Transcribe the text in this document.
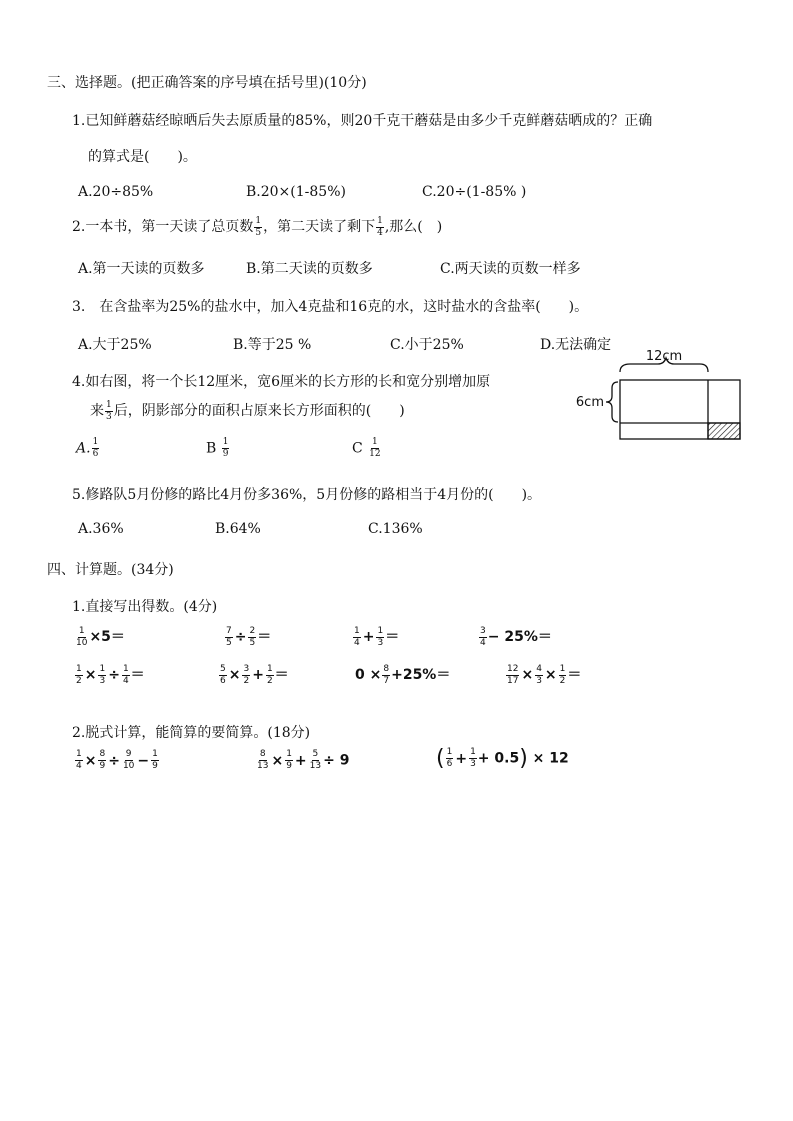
三、选择题。(把正确答案的序号填在括号里)(10分)
1.已知鲜蘑菇经晾晒后失去原质量的85%，则20千克干蘑菇是由多少千克鲜蘑菇晒成的？正确
的算式是(　　)。
A.20÷85%	B.20×(1-85%)	C.20÷(1-85% )
2.一本书，第一天读了总页数 $\frac{1}{5}$ ，第二天读了剩下 $\frac{1}{4}$ ,那么(　)
A.第一天读的页数多	B.第二天读的页数多	C.两天读的页数一样多
3.　在含盐率为25%的盐水中，加入4克盐和16克的水，这时盐水的含盐率(　　)。
A.大于25%	B.等于25 %	C.小于25%	D.无法确定
4.如右图，将一个长12厘米，宽6厘米的长方形的长和宽分别增加原
来 $\frac{1}{3}$ 后，阴影部分的面积占原来长方形面积的(　　)
A. $\frac{1}{6}$	B $\frac{1}{9}$	C $\frac{1}{12}$
12cm
6cm
5.修路队5月份修的路比4月份多36%，5月份修的路相当于4月份的(　　)。
A.36%	B.64%	C.136%
四、计算题。(34分)
1.直接写出得数。(4分)
$\frac{1}{10} \times 5=$	$\frac{7}{5} \div \frac{2}{5}$ ＝	$\frac{1}{4} + \frac{1}{3}$ ＝	$\frac{3}{4} - 25\%=$
$\frac{1}{2} \times \frac{1}{3} \div \frac{1}{4}$ ＝	$\frac{5}{6} \times \frac{3}{2} + \frac{1}{2}$ ＝	$0 \times \frac{8}{7} +25\%=$	$\frac{12}{17} \times \frac{4}{3} \times \frac{1}{2}$ ＝
2.脱式计算，能简算的要简算。(18分)
$\frac{1}{4} \times \frac{8}{9} \div \frac{9}{10} - \frac{1}{9}$	$\frac{8}{13} \times \frac{1}{9} + \frac{5}{13} \div 9$	( $\frac{1}{6} + \frac{1}{3} + 0.5) \times 12$
